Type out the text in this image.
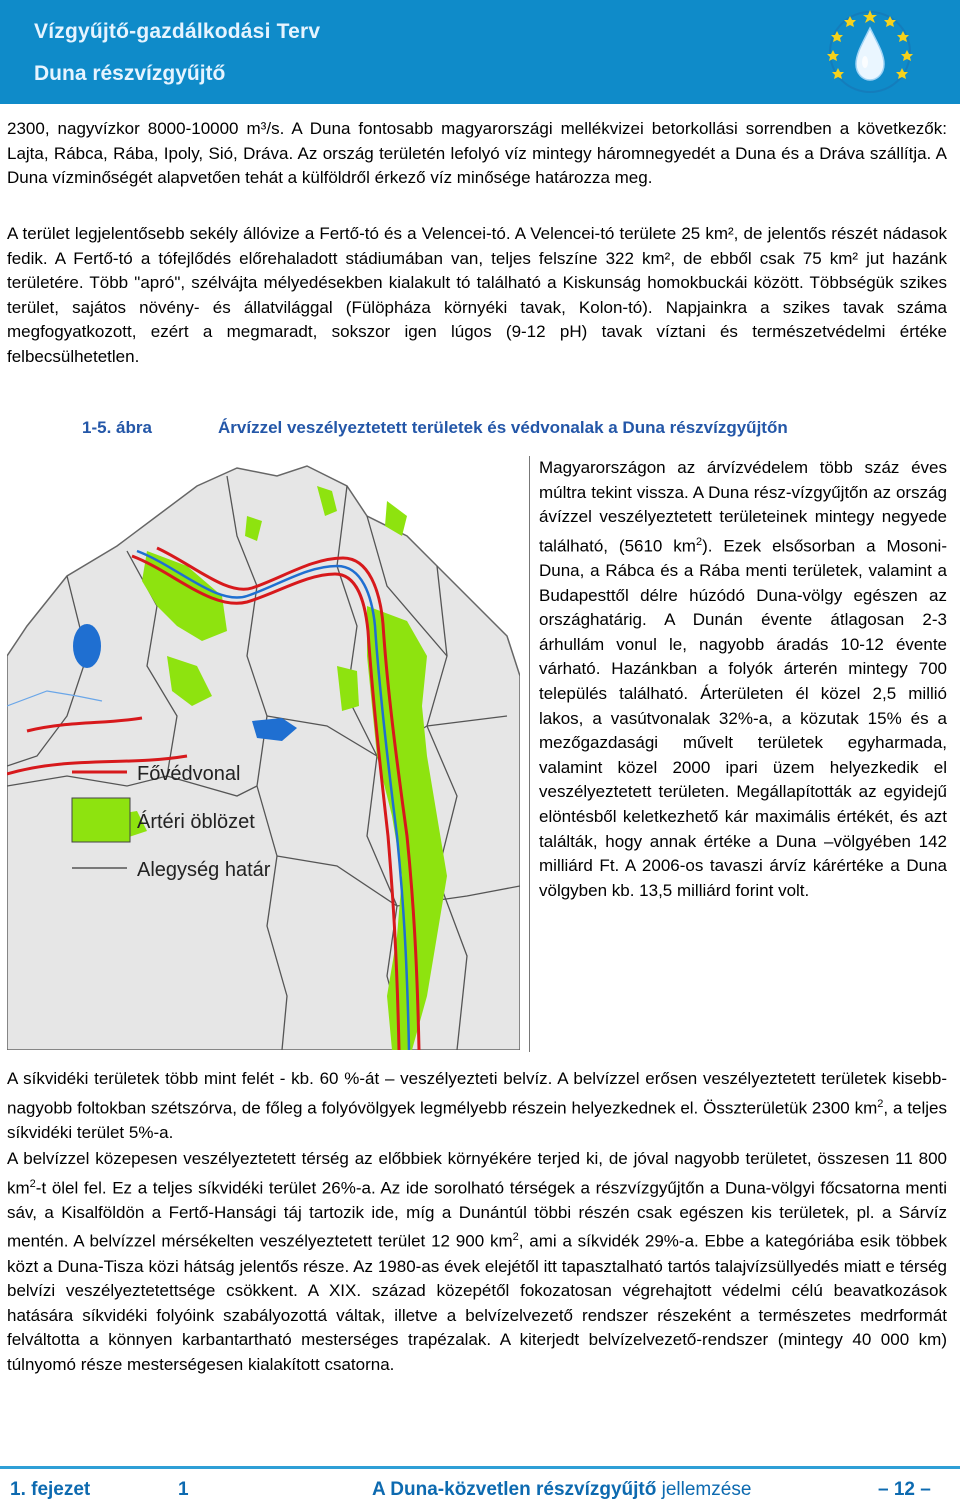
Vízgyűjtő-gazdálkodási Terv
Duna részvízgyűjtő

2300, nagyvízkor 8000-10000 m³/s. A Duna fontosabb magyarországi mellékvizei betorkollási sorrendben a következők: Lajta, Rábca, Rába, Ipoly, Sió, Dráva. Az ország területén lefolyó víz mintegy háromnegyedét a Duna és a Dráva szállítja. A Duna vízminőségét alapvetően tehát a külföldről érkező víz minősége határozza meg.

A terület legjelentősebb sekély állóvize a Fertő-tó és a Velencei-tó. A Velencei-tó területe 25 km², de jelentős részét nádasok fedik. A Fertő-tó a tófejlődés előrehaladott stádiumában van, teljes felszíne 322 km², de ebből csak 75 km² jut hazánk területére. Több "apró", szélvájta mélyedésekben kialakult tó található a Kiskunság homokbuckái között. Többségük szikes terület, sajátos növény- és állatvilággal (Fülöpháza környéki tavak, Kolon-tó). Napjainkra a szikes tavak száma megfogyatkozott, ezért a megmaradt, sokszor igen lúgos (9-12 pH) tavak víztani és természetvédelmi értéke felbecsülhetetlen.

1-5. ábra	Árvízzel veszélyeztetett területek és védvonalak a Duna részvízgyűjtőn
Fővédvonal
Ártéri öblözet
Alegység határ

Magyarországon az árvízvédelem több száz éves múltra tekint vissza. A Duna rész-vízgyűjtőn az ország ávízzel veszélyeztetett területeinek mintegy negyede található, (5610 $km^2$). Ezek elsősorban a Mosoni-Duna, a Rábca és a Rába menti területek, valamint a Budapesttől délre húzódó Duna-völgy egészen az országhatárig. A Dunán évente átlagosan 2-3 árhullám vonul le, nagyobb áradás 10-12 évente várható. Hazánkban a folyók árterén mintegy 700 település található. Árterületen él közel 2,5 millió lakos, a vasútvonalak 32%-a, a közutak 15% és a mezőgazdasági művelt területek egyharmada, valamint közel 2000 ipari üzem helyezkedik el veszélyeztetett területen. Megállapították az egyidejű elöntésből keletkezhető kár maximális értékét, és azt találták, hogy annak értéke a Duna –völgyében 142 milliárd Ft. A 2006-os tavaszi árvíz kárértéke a Duna völgyben kb. 13,5 milliárd forint volt.

A síkvidéki területek több mint felét - kb. 60 %-át – veszélyezteti belvíz. A belvízzel erősen veszélyeztetett területek kisebb-nagyobb foltokban szétszórva, de főleg a folyóvölgyek legmélyebb részein helyezkednek el. Összterületük 2300 $km^2$, a teljes síkvidéki terület 5%-a.

A belvízzel közepesen veszélyeztetett térség az előbbiek környékére terjed ki, de jóval nagyobb területet, összesen 11 800 $km^2-t$ ölel fel. Ez a teljes síkvidéki terület 26%-a. Az ide sorolható térségek a részvízgyűjtőn a Duna-völgyi főcsatorna menti sáv, a Kisalföldön a Fertő-Hansági táj tartozik ide, míg a Dunántúl többi részén csak egészen kis területek, pl. a Sárvíz mentén. A belvízzel mérsékelten veszélyeztetett terület 12 900 $km^2$, ami a síkvidék 29%-a. Ebbe a kategóriába esik többek közt a Duna-Tisza közi hátság jelentős része. Az 1980-as évek elejétől itt tapasztalható tartós talajvízsüllyedés miatt e térség belvízi veszélyeztetettsége csökkent. A XIX. század közepétől fokozatosan végrehajtott védelmi célú beavatkozások hatására síkvidéki folyóink szabályozottá váltak, illetve a belvízelvezető rendszer részeként a természetes medrformát felváltotta a könnyen karbantartható mesterséges trapézalak. A kiterjedt belvízelvezető-rendszer (mintegy 40 000 km) túlnyomó része mesterségesen kialakított csatorna.

1. fejezet	1	A Duna-közvetlen részvízgyűjtő jellemzése	– 12 –
